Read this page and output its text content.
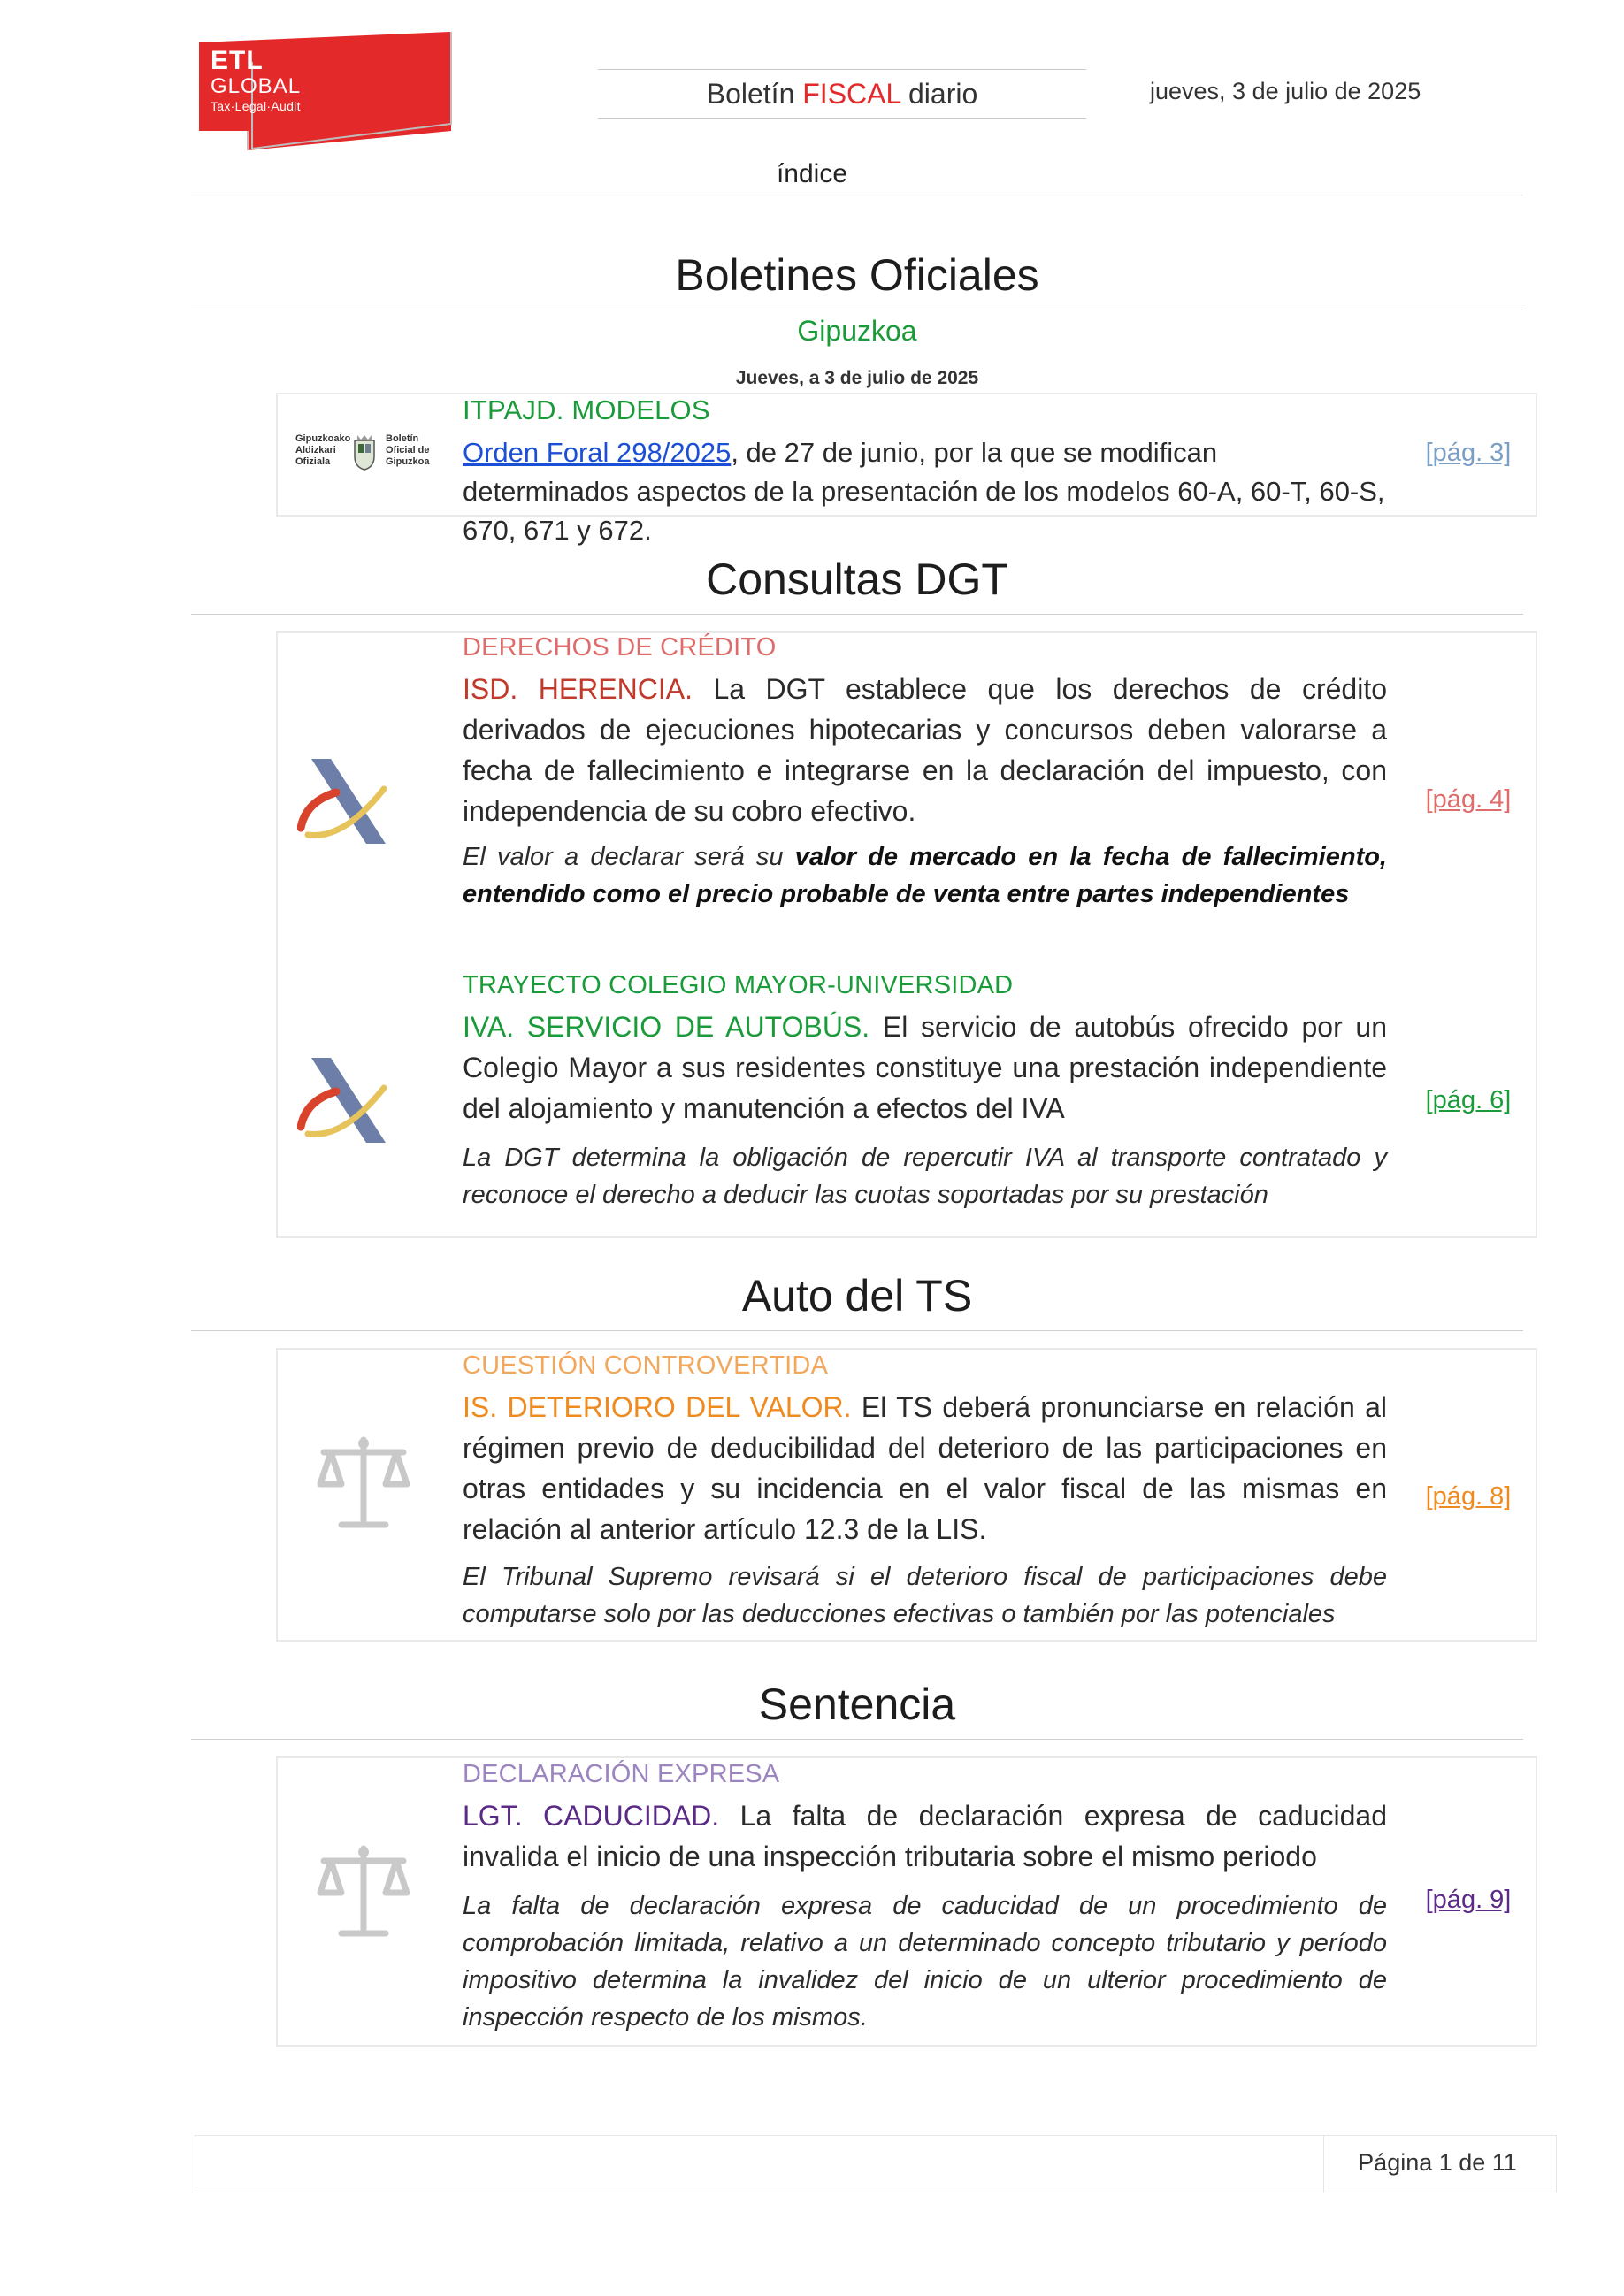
ETL
GLOBAL
Tax·Legal·Audit	Boletín FISCAL diario	jueves, 3 de julio de 2025
índice
Boletines Oficiales
Gipuzkoa
Jueves, a 3 de julio de 2025
Gipuzkoako
Aldizkari
Ofiziala
Boletín
Oficial de
Gipuzkoa
ITPAJD. MODELOS
Orden Foral 298/2025, de 27 de junio, por la que se modifican determinados aspectos de la presentación de los modelos 60-A, 60-T, 60-S, 670, 671 y 672.
[pág. 3]
Consultas DGT
DERECHOS DE CRÉDITO
ISD. HERENCIA. La DGT establece que los derechos de crédito derivados de ejecuciones hipotecarias y concursos deben valorarse a fecha de fallecimiento e integrarse en la declaración del impuesto, con independencia de su cobro efectivo.
El valor a declarar será su valor de mercado en la fecha de fallecimiento, entendido como el precio probable de venta entre partes independientes
[pág. 4]
TRAYECTO COLEGIO MAYOR-UNIVERSIDAD
IVA. SERVICIO DE AUTOBÚS. El servicio de autobús ofrecido por un Colegio Mayor a sus residentes constituye una prestación independiente del alojamiento y manutención a efectos del IVA
La DGT determina la obligación de repercutir IVA al transporte contratado y reconoce el derecho a deducir las cuotas soportadas por su prestación
[pág. 6]
Auto del TS
CUESTIÓN CONTROVERTIDA
IS. DETERIORO DEL VALOR. El TS deberá pronunciarse en relación al régimen previo de deducibilidad del deterioro de las participaciones en otras entidades y su incidencia en el valor fiscal de las mismas en relación al anterior artículo 12.3 de la LIS.
El Tribunal Supremo revisará si el deterioro fiscal de participaciones debe computarse solo por las deducciones efectivas o también por las potenciales
[pág. 8]
Sentencia
DECLARACIÓN EXPRESA
LGT. CADUCIDAD. La falta de declaración expresa de caducidad invalida el inicio de una inspección tributaria sobre el mismo periodo
La falta de declaración expresa de caducidad de un procedimiento de comprobación limitada, relativo a un determinado concepto tributario y período impositivo determina la invalidez del inicio de un ulterior procedimiento de inspección respecto de los mismos.
[pág. 9]
Página 1 de 11
